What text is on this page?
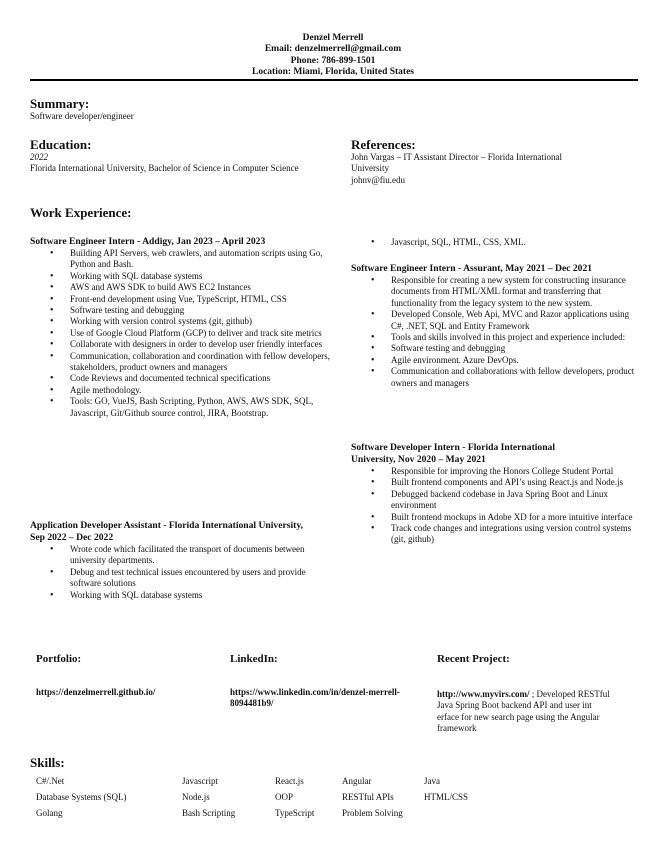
Denzel Merrell
Email: denzelmerrell@gmail.com
Phone: 786-899-1501
Location: Miami, Florida, United States
Summary:
Software developer/engineer
Education:
2022
Florida International University, Bachelor of Science in Computer Science
References:
John Vargas – IT Assistant Director – Florida International University
johnv@fiu.edu
Work Experience:
Software Engineer Intern - Addigy, Jan 2023 – April 2023
• Building API Servers, web crawlers, and automation scripts using Go, Python and Bash.
• Working with SQL database systems
• AWS and AWS SDK to build AWS EC2 Instances
• Front-end development using Vue, TypeScript, HTML, CSS
• Software testing and debugging
• Working with version control systems (git, github)
• Use of Google Cloud Platform (GCP) to deliver and track site metrics
• Collaborate with designers in order to develop user friendly interfaces
• Communication, collaboration and coordination with fellow developers, stakeholders, product owners and managers
• Code Reviews and documented technical specifications
• Agile methodology.
• Tools: GO, VueJS, Bash Scripting, Python, AWS, AWS SDK, SQL, Javascript, Git/Github source control, JIRA, Bootstrap.
Application Developer Assistant - Florida International University, Sep 2022 – Dec 2022
• Wrote code which facilitated the transport of documents between university departments.
• Debug and test technical issues encountered by users and provide software solutions
• Working with SQL database systems
• Javascript, SQL, HTML, CSS, XML.
Software Engineer Intern - Assurant, May 2021 – Dec 2021
• Responsible for creating a new system for constructing insurance documents from HTML/XML format and transferring that functionality from the legacy system to the new system.
• Developed Console, Web Api, MVC and Razor applications using C#, .NET, SQL and Entity Framework
• Tools and skills involved in this project and experience included:
• Software testing and debugging
• Agile environment. Azure DevOps.
• Communication and collaborations with fellow developers, product owners and managers
Software Developer Intern - Florida International University, Nov 2020 – May 2021
• Responsible for improving the Honors College Student Portal
• Built frontend components and API’s using React.js and Node.js
• Debugged backend codebase in Java Spring Boot and Linux environment
• Built frontend mockups in Adobe XD for a more intuitive interface
• Track code changes and integrations using version control systems (git, github)
Portfolio:
https://denzelmerrell.github.io/
LinkedIn:
https://www.linkedin.com/in/denzel-merrell-8094481b9/
Recent Project:
http://www.myvirs.com/ ; Developed RESTful Java Spring Boot backend API and user int erface for new search page using the Angular framework
Skills:
C#/.Net
Database Systems (SQL)
Golang
Javascript
Node.js
Bash Scripting
React.js
OOP
TypeScript
Angular
RESTful APIs
Problem Solving
Java
HTML/CSS
